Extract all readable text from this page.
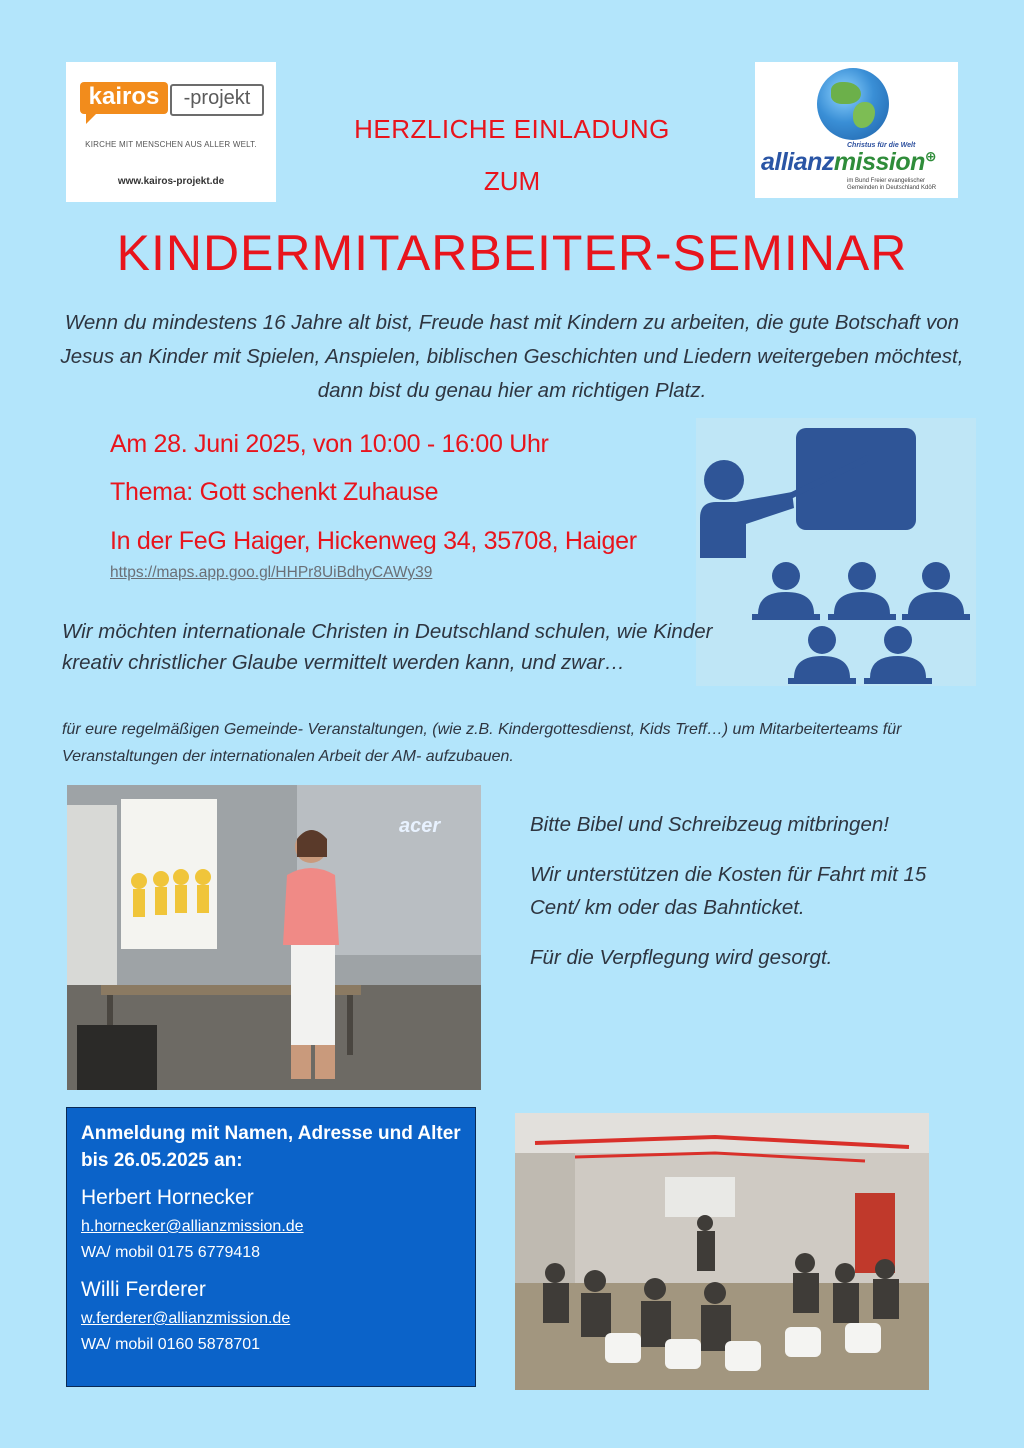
kairos	-projekt
KIRCHE MIT MENSCHEN AUS ALLER WELT.
www.kairos-projekt.de
Christus für die Welt
allianzmission⊕
im Bund Freier evangelischer Gemeinden in Deutschland KdöR
HERZLICHE EINLADUNG
ZUM
KINDERMITARBEITER-SEMINAR
Wenn du mindestens 16 Jahre alt bist, Freude hast mit Kindern zu arbeiten, die gute Botschaft von Jesus an Kinder mit Spielen, Anspielen, biblischen Geschichten und Liedern weitergeben möchtest, dann bist du genau hier am richtigen Platz.
Am 28. Juni 2025, von 10:00 - 16:00 Uhr
Thema: Gott schenkt Zuhause
In der FeG Haiger, Hickenweg 34, 35708, Haiger
https://maps.app.goo.gl/HHPr8UiBdhyCAWy39
Wir möchten internationale Christen in Deutschland schulen, wie Kinder kreativ christlicher Glaube vermittelt werden kann, und zwar…
für eure regelmäßigen Gemeinde- Veranstaltungen, (wie z.B. Kindergottesdienst, Kids Treff…) um Mitarbeiterteams für Veranstaltungen der internationalen Arbeit der AM- aufzubauen.
acer	Bitte Bibel und Schreibzeug mitbringen!

Wir unterstützen die Kosten für Fahrt mit 15 Cent/ km oder das Bahnticket.

Für die Verpflegung wird gesorgt.

Anmeldung mit Namen, Adresse und Alter bis 26.05.2025 an:
Herbert Hornecker
h.hornecker@allianzmission.de
WA/ mobil 0175 6779418
Willi Ferderer
w.ferderer@allianzmission.de
WA/ mobil 0160 5878701
